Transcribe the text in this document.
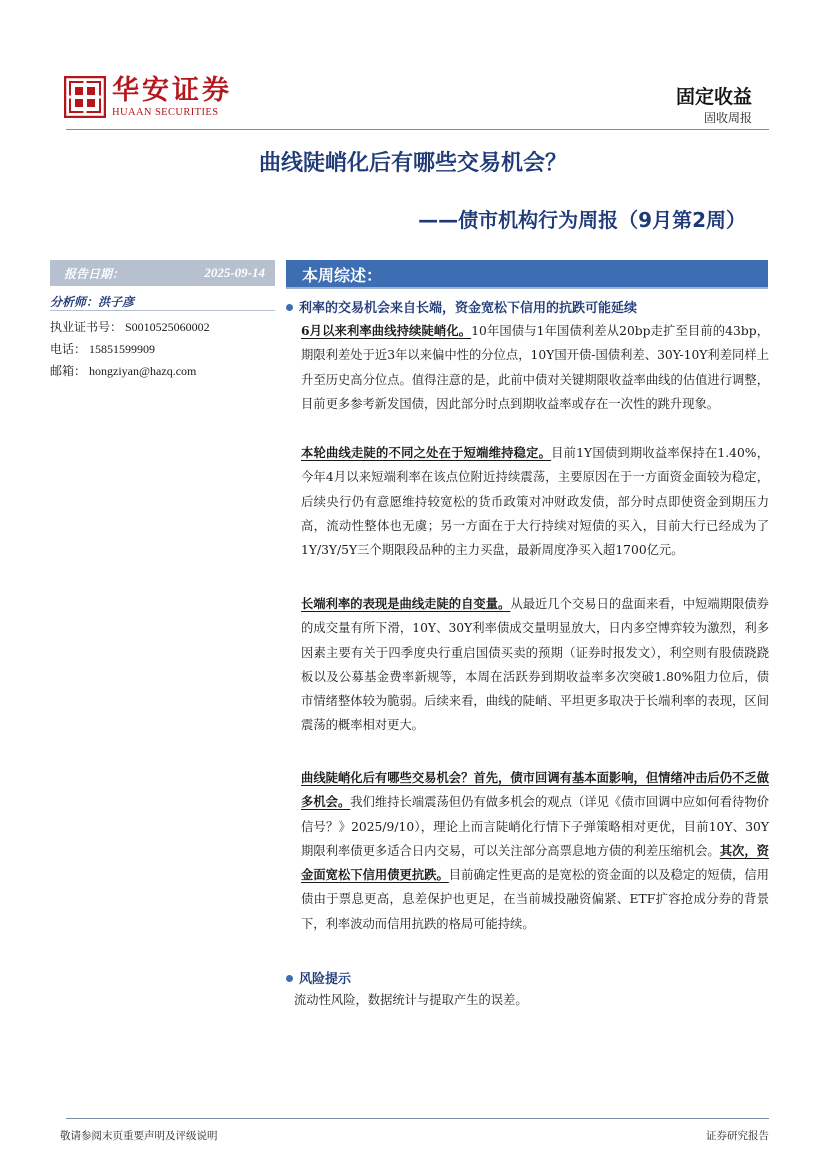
华安证券
HUAAN SECURITIES
固定收益
固收周报
曲线陡峭化后有哪些交易机会？
——债市机构行为周报（9月第2周）
报告日期：	2025-09-14
分析师：洪子彦
执业证书号： S0010525060002
电话： 15851599909
邮箱： hongziyan@hazq.com
本周综述：
利率的交易机会来自长端，资金宽松下信用的抗跌可能延续
6月以来利率曲线持续陡峭化。10年国债与1年国债利差从20bp走扩至目前的43bp，期限利差处于近3年以来偏中性的分位点，10Y国开债-国债利差、30Y-10Y利差同样上升至历史高分位点。值得注意的是，此前中债对关键期限收益率曲线的估值进行调整，目前更多参考新发国债，因此部分时点到期收益率或存在一次性的跳升现象。
本轮曲线走陡的不同之处在于短端维持稳定。目前1Y国债到期收益率保持在1.40%，今年4月以来短端利率在该点位附近持续震荡，主要原因在于一方面资金面较为稳定，后续央行仍有意愿维持较宽松的货币政策对冲财政发债，部分时点即使资金到期压力高，流动性整体也无虞；另一方面在于大行持续对短债的买入，目前大行已经成为了1Y/3Y/5Y三个期限段品种的主力买盘，最新周度净买入超1700亿元。
长端利率的表现是曲线走陡的自变量。从最近几个交易日的盘面来看，中短端期限债券的成交量有所下滑，10Y、30Y利率债成交量明显放大，日内多空博弈较为激烈，利多因素主要有关于四季度央行重启国债买卖的预期（证券时报发文），利空则有股债跷跷板以及公募基金费率新规等，本周在活跃券到期收益率多次突破1.80%阻力位后，债市情绪整体较为脆弱。后续来看，曲线的陡峭、平坦更多取决于长端利率的表现，区间震荡的概率相对更大。
曲线陡峭化后有哪些交易机会？首先，债市回调有基本面影响，但情绪冲击后仍不乏做多机会。我们维持长端震荡但仍有做多机会的观点（详见《债市回调中应如何看待物价信号？》2025/9/10），理论上而言陡峭化行情下子弹策略相对更优，目前10Y、30Y期限利率债更多适合日内交易，可以关注部分高票息地方债的利差压缩机会。其次，资金面宽松下信用债更抗跌。目前确定性更高的是宽松的资金面的以及稳定的短债，信用债由于票息更高，息差保护也更足，在当前城投融资偏紧、ETF扩容抢成分券的背景下，利率波动而信用抗跌的格局可能持续。
风险提示
流动性风险，数据统计与提取产生的误差。
敬请参阅末页重要声明及评级说明	证券研究报告
